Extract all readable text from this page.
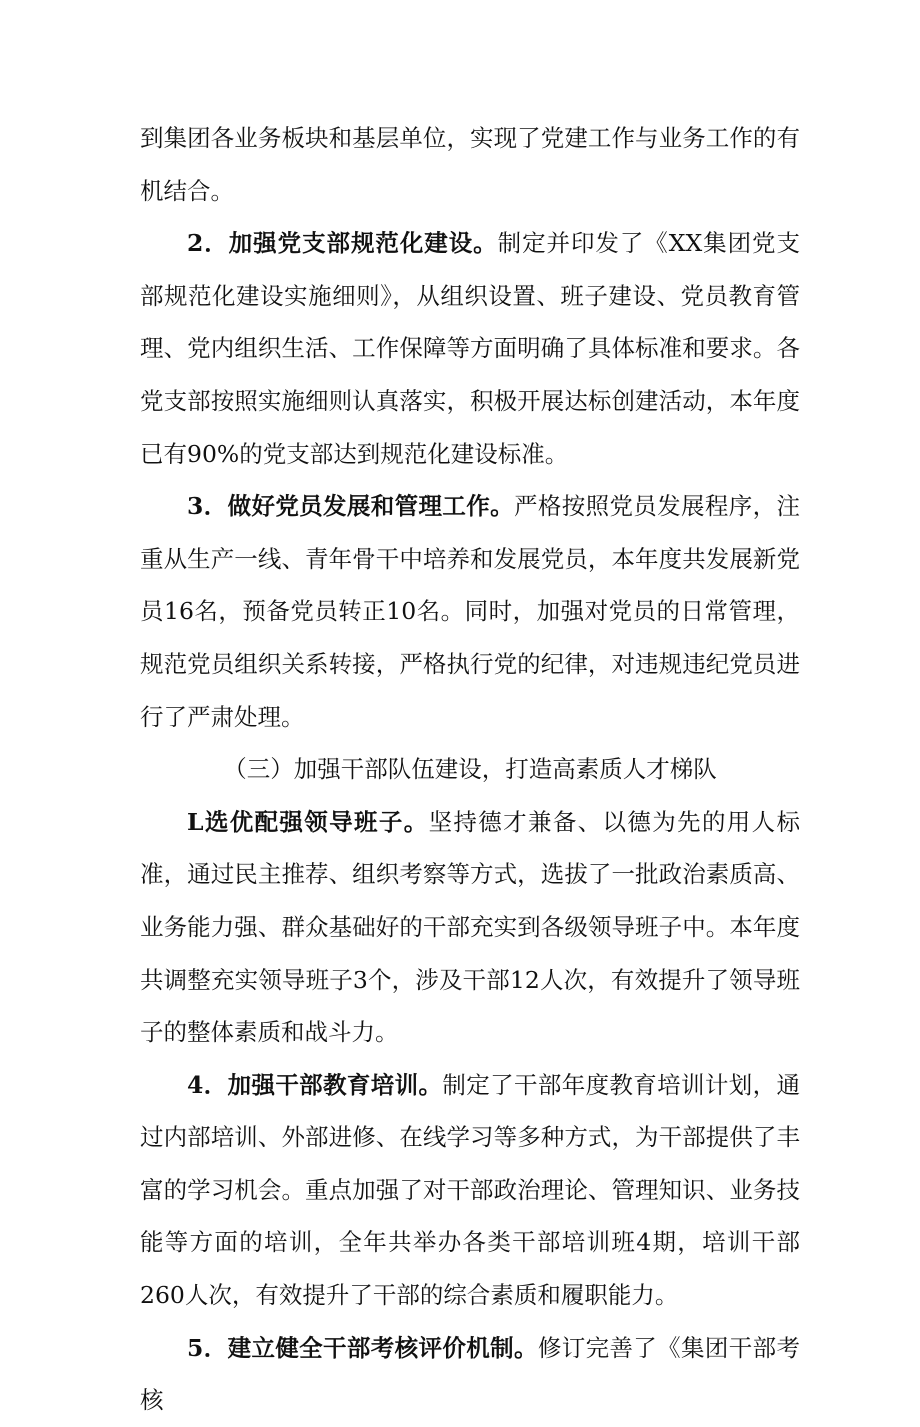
到集团各业务板块和基层单位，实现了党建工作与业务工作的有机结合。

2．加强党支部规范化建设。制定并印发了《XX集团党支部规范化建设实施细则》，从组织设置、班子建设、党员教育管理、党内组织生活、工作保障等方面明确了具体标准和要求。各党支部按照实施细则认真落实，积极开展达标创建活动，本年度已有90%的党支部达到规范化建设标准。

3．做好党员发展和管理工作。严格按照党员发展程序，注重从生产一线、青年骨干中培养和发展党员，本年度共发展新党员16名，预备党员转正10名。同时，加强对党员的日常管理，规范党员组织关系转接，严格执行党的纪律，对违规违纪党员进行了严肃处理。

（三）加强干部队伍建设，打造高素质人才梯队

L选优配强领导班子。坚持德才兼备、以德为先的用人标准，通过民主推荐、组织考察等方式，选拔了一批政治素质高、业务能力强、群众基础好的干部充实到各级领导班子中。本年度共调整充实领导班子3个，涉及干部12人次，有效提升了领导班子的整体素质和战斗力。

4．加强干部教育培训。制定了干部年度教育培训计划，通过内部培训、外部进修、在线学习等多种方式，为干部提供了丰富的学习机会。重点加强了对干部政治理论、管理知识、业务技能等方面的培训，全年共举办各类干部培训班4期，培训干部260人次，有效提升了干部的综合素质和履职能力。

5．建立健全干部考核评价机制。修订完善了《集团干部考核
